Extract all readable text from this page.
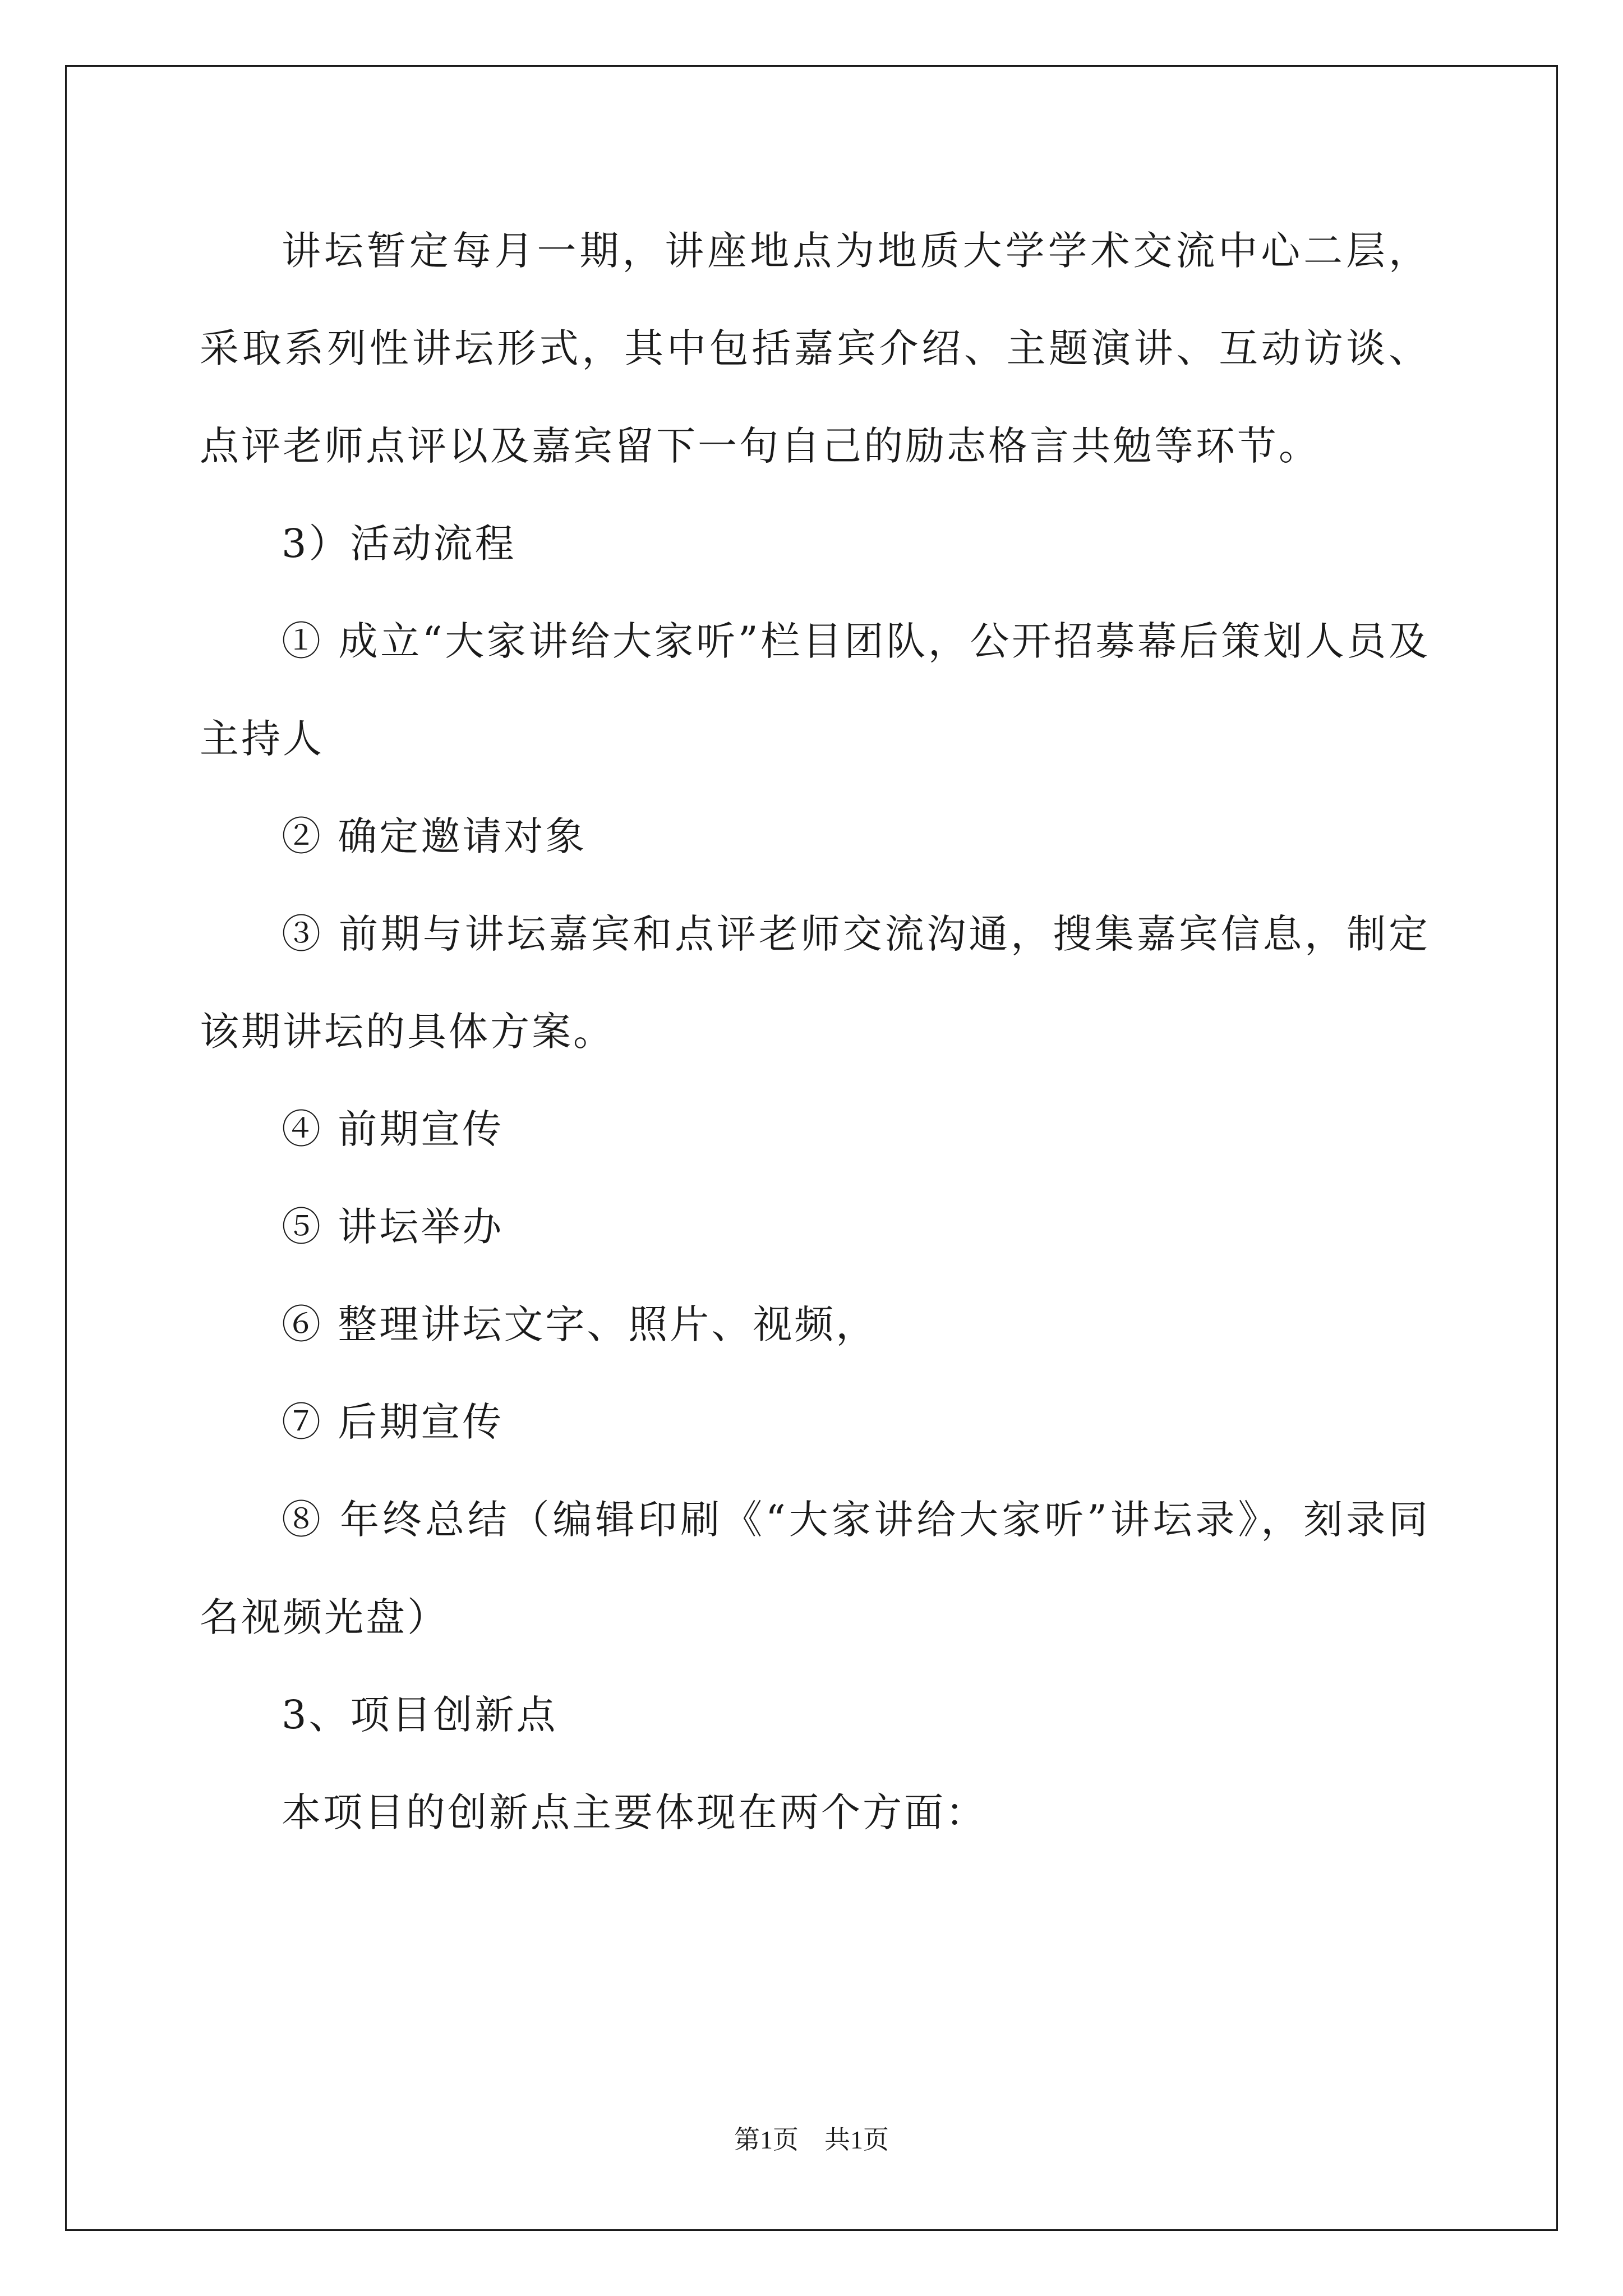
讲坛暂定每月一期，讲座地点为地质大学学术交流中心二层，采取系列性讲坛形式，其中包括嘉宾介绍、主题演讲、互动访谈、点评老师点评以及嘉宾留下一句自己的励志格言共勉等环节。

3）活动流程

① 成立“大家讲给大家听”栏目团队，公开招募幕后策划人员及主持人

② 确定邀请对象

③ 前期与讲坛嘉宾和点评老师交流沟通，搜集嘉宾信息，制定该期讲坛的具体方案。

④ 前期宣传

⑤ 讲坛举办

⑥ 整理讲坛文字、照片、视频，

⑦ 后期宣传

⑧ 年终总结（编辑印刷《“大家讲给大家听”讲坛录》，刻录同名视频光盘）

3、项目创新点

本项目的创新点主要体现在两个方面：

第1页　共1页
